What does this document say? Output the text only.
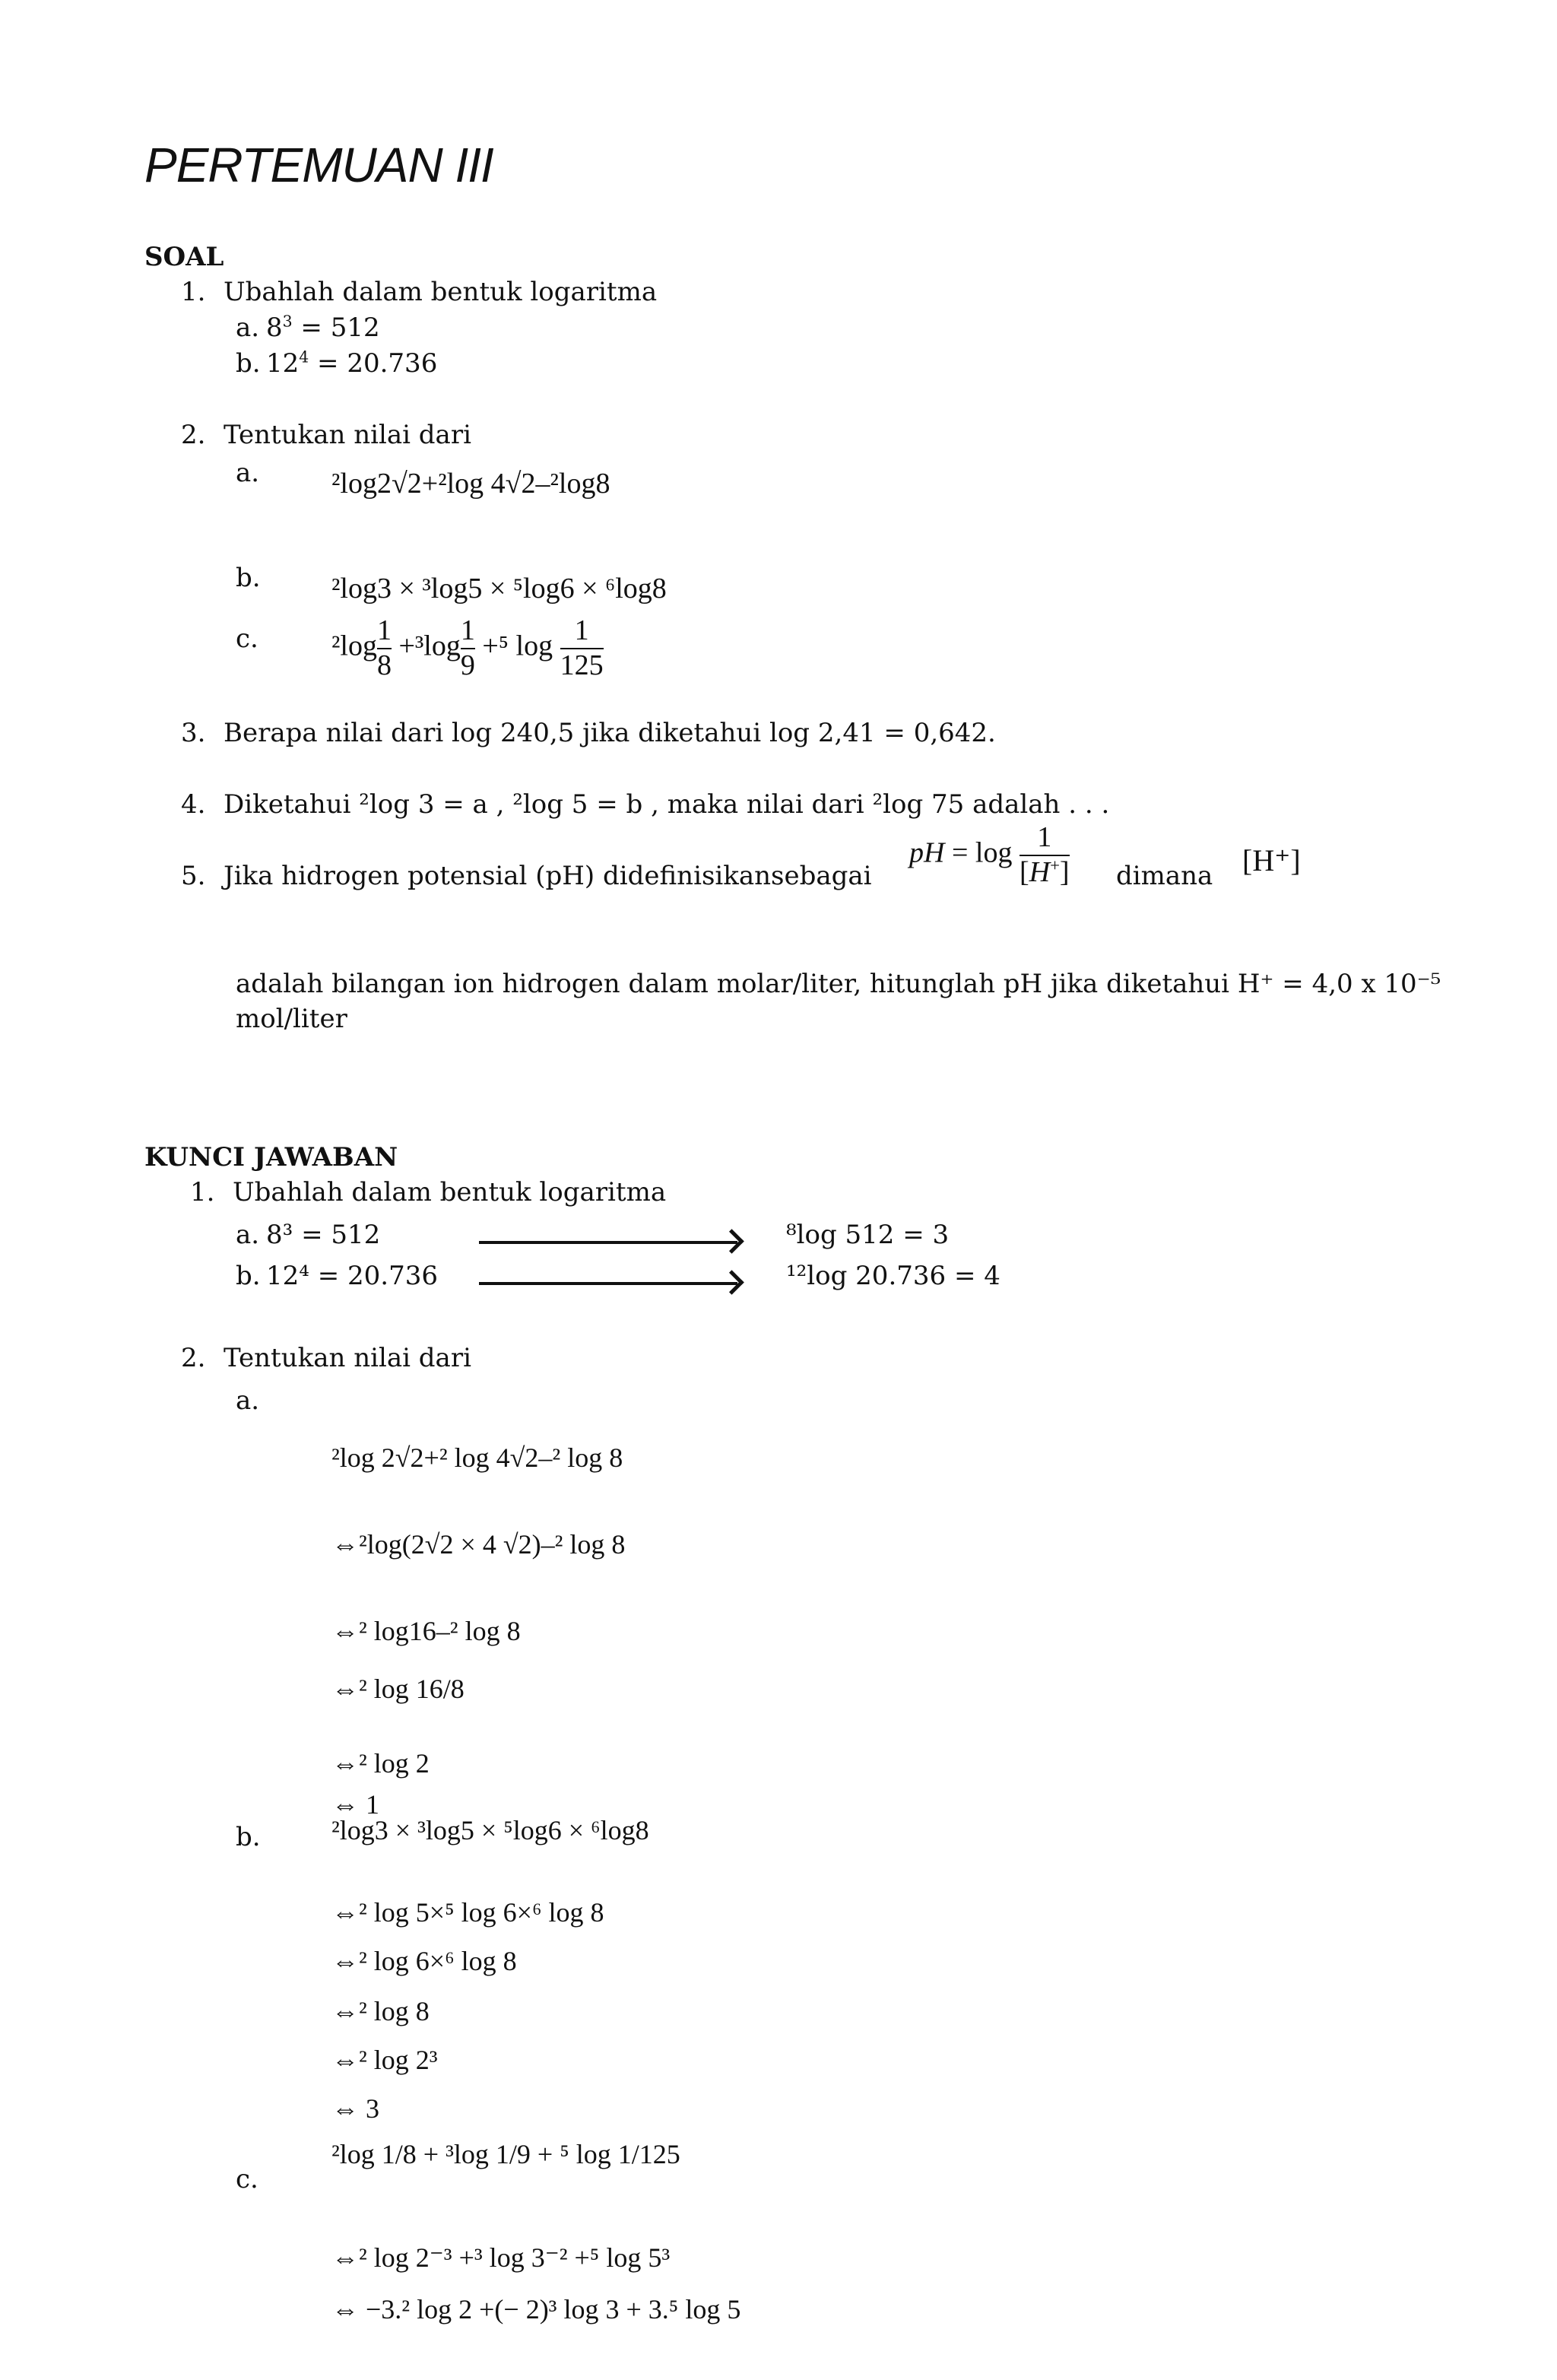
PERTEMUAN III
SOAL
1. Ubahlah dalam bentuk logaritma
a. $8^3 = 512$
b. $12^4 = 20.736$
2. Tentukan nilai dari
a. ²log2√2+²log 4√2–²log8
b. ²log3 × ³log5 × ⁵log6 × ⁶log8
c.	$^2\log \frac{1}{8} +^3\log \frac{1}{9} +^5$ $\log \frac{1}{125}$
3. Berapa nilai dari log 240,5 jika diketahui log 2,41 = 0,642.
4. Diketahui ²log 3 = a , ²log 5 = b , maka nilai dari ²log 75 adalah . . .
5. Jika hidrogen potensial (pH) didefinisikansebagai
pH = $\log \frac{1}{[H^+]}$ dimana [H⁺]
adalah bilangan ion hidrogen dalam molar/liter, hitunglah pH jika diketahui H⁺ = 4,0 x 10⁻⁵
mol/liter
KUNCI JAWABAN
1. Ubahlah dalam bentuk logaritma
a. 8³ = 512	⁸log 512 = 3
b. 12⁴ = 20.736	¹²log 20.736 = 4
2. Tentukan nilai dari
a.
²log 2√2+² log 4√2–² log 8
⇔²log(2√2 × 4 √2)–² log 8
⇔² log16–² log 8
⇔² log 16/8
⇔² log 2
⇔ 1
b.	²log3 × ³log5 × ⁵log6 × ⁶log8
⇔² log 5×⁵ log 6×⁶ log 8
⇔² log 6×⁶ log 8
⇔² log 8
⇔² log 2³
⇔ 3
c.
²log 1/8 + ³log 1/9 + ⁵ log 1/125
⇔² log 2⁻³ +³ log 3⁻² +⁵ log 5³
⇔ −3.² log 2 +(− 2)³ log 3 + 3.⁵ log 5
